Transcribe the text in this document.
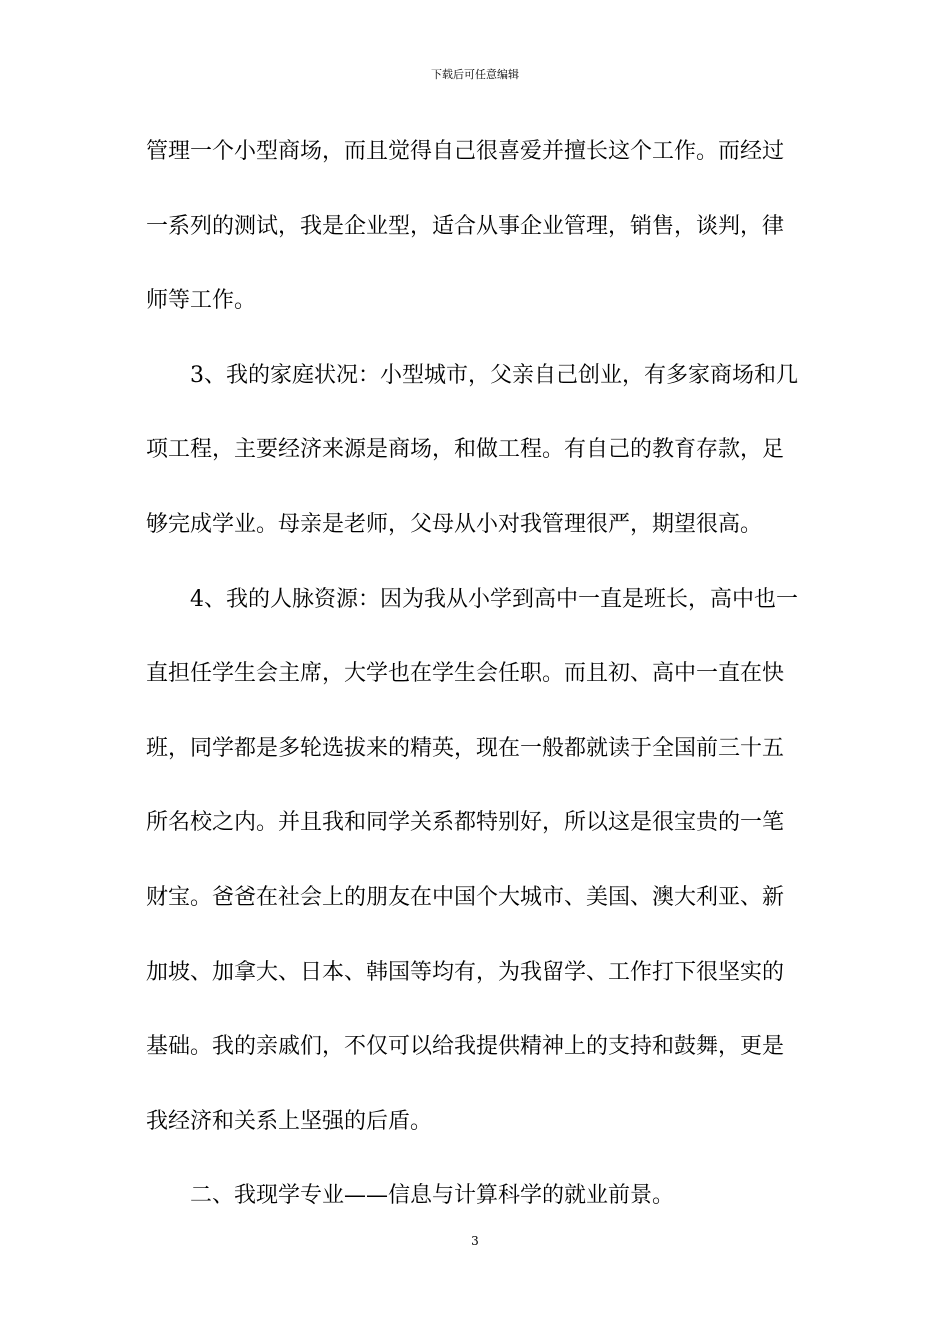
下载后可任意编辑
管理一个小型商场，而且觉得自己很喜爱并擅长这个工作。而经过
一系列的测试，我是企业型，适合从事企业管理，销售，谈判，律
师等工作。
3、我的家庭状况：小型城市，父亲自己创业，有多家商场和几
项工程，主要经济来源是商场，和做工程。有自己的教育存款，足
够完成学业。母亲是老师，父母从小对我管理很严，期望很高。
4、我的人脉资源：因为我从小学到高中一直是班长，高中也一
直担任学生会主席，大学也在学生会任职。而且初、高中一直在快
班，同学都是多轮选拔来的精英，现在一般都就读于全国前三十五
所名校之内。并且我和同学关系都特别好，所以这是很宝贵的一笔
财宝。爸爸在社会上的朋友在中国个大城市、美国、澳大利亚、新
加坡、加拿大、日本、韩国等均有，为我留学、工作打下很坚实的
基础。我的亲戚们，不仅可以给我提供精神上的支持和鼓舞，更是
我经济和关系上坚强的后盾。
二、我现学专业——信息与计算科学的就业前景。
3
